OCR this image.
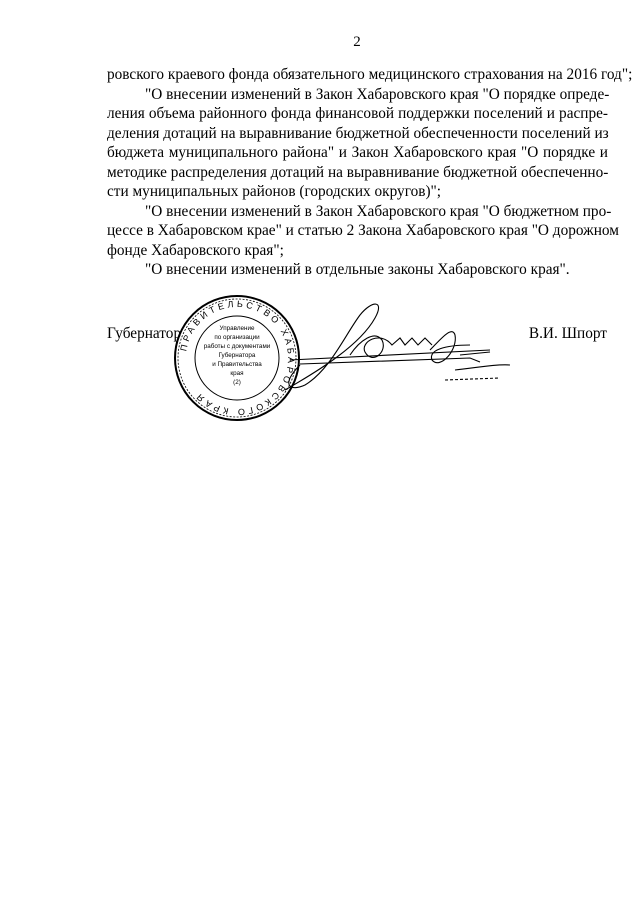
2
ровского краевого фонда обязательного медицинского страхования на 2016 год";
"О внесении изменений в Закон Хабаровского края "О порядке опреде-
ления объема районного фонда финансовой поддержки поселений и распре-
деления дотаций на выравнивание бюджетной обеспеченности поселений из
бюджета муниципального района" и Закон Хабаровского края "О порядке и
методике распределения дотаций на выравнивание бюджетной обеспеченно-
сти муниципальных районов (городских округов)";
"О внесении изменений в Закон Хабаровского края "О бюджетном про-
цессе в Хабаровском крае" и статью 2 Закона Хабаровского края "О дорожном
фонде Хабаровского края";
"О внесении изменений в отдельные законы Хабаровского края".
Губернатор	В.И. Шпорт
ПРАВИТЕЛЬСТВО ХАБАРОВСКОГО КРАЯ
Управление
по организации
работы с документами
Губернатора
и Правительства
края
(2)
